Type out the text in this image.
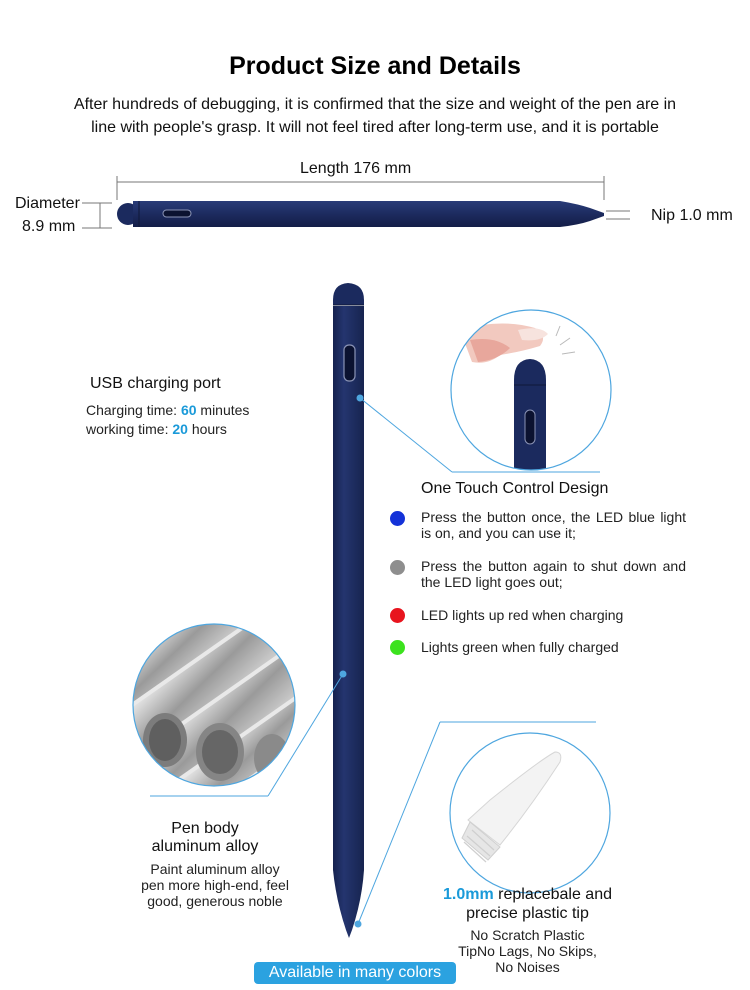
Product Size and Details
After hundreds of debugging, it is confirmed that the size and weight of the pen are in
line with people's grasp. It will not feel tired after long-term use, and it is portable
Length 176 mm
Diameter
8.9 mm
Nip 1.0 mm
USB charging port
Charging time: 60 minutes
working time: 20 hours
One Touch Control Design
Press the button once, the LED blue light is on, and you can use it;
Press the button again to shut down and the LED light goes out;
LED lights up red when charging
Lights green when fully charged
Pen body
aluminum alloy
Paint aluminum alloy
pen more high-end, feel
good, generous noble	1.0mm replacebale and
precise plastic tip
No Scratch Plastic
TipNo Lags, No Skips,
No Noises
Available in many colors
